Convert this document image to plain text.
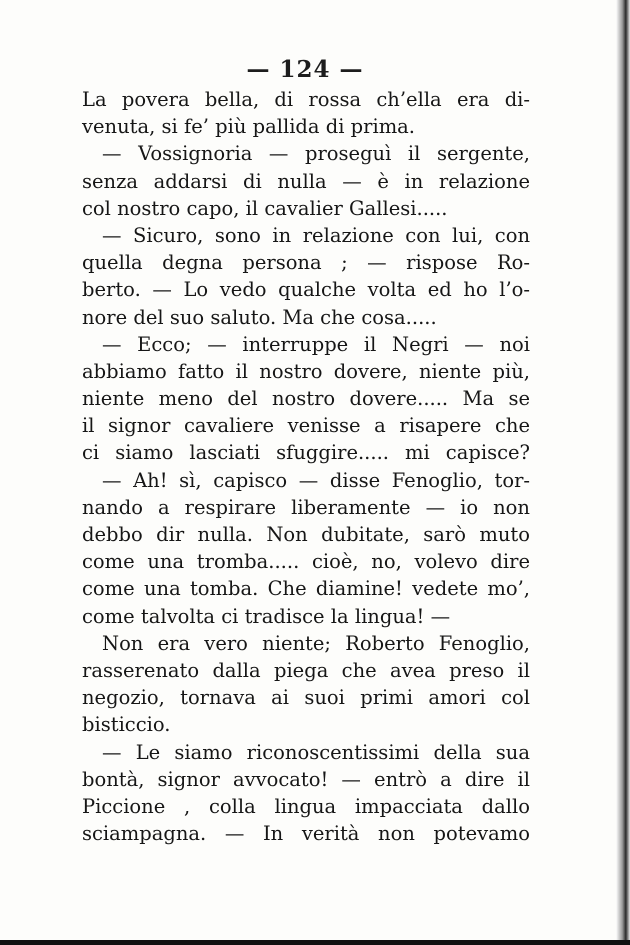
— 124 —
La povera bella, di rossa ch’ella era di-
venuta, si fe’ più pallida di prima.
— Vossignoria — proseguì il sergente,
senza addarsi di nulla — è in relazione
col nostro capo, il cavalier Gallesi.....
— Sicuro, sono in relazione con lui, con
quella degna persona ; — rispose Ro-
berto. — Lo vedo qualche volta ed ho l’o-
nore del suo saluto. Ma che cosa.....
— Ecco; — interruppe il Negri — noi
abbiamo fatto il nostro dovere, niente più,
niente meno del nostro dovere..... Ma se
il signor cavaliere venisse a risapere che
ci siamo lasciati sfuggire..... mi capisce?
— Ah! sì, capisco — disse Fenoglio, tor-
nando a respirare liberamente — io non
debbo dir nulla. Non dubitate, sarò muto
come una tromba..... cioè, no, volevo dire
come una tomba. Che diamine! vedete mo’,
come talvolta ci tradisce la lingua! —
Non era vero niente; Roberto Fenoglio,
rasserenato dalla piega che avea preso il
negozio, tornava ai suoi primi amori col
bisticcio.
— Le siamo riconoscentissimi della sua
bontà, signor avvocato! — entrò a dire il
Piccione , colla lingua impacciata dallo
sciampagna. — In verità non potevamo
